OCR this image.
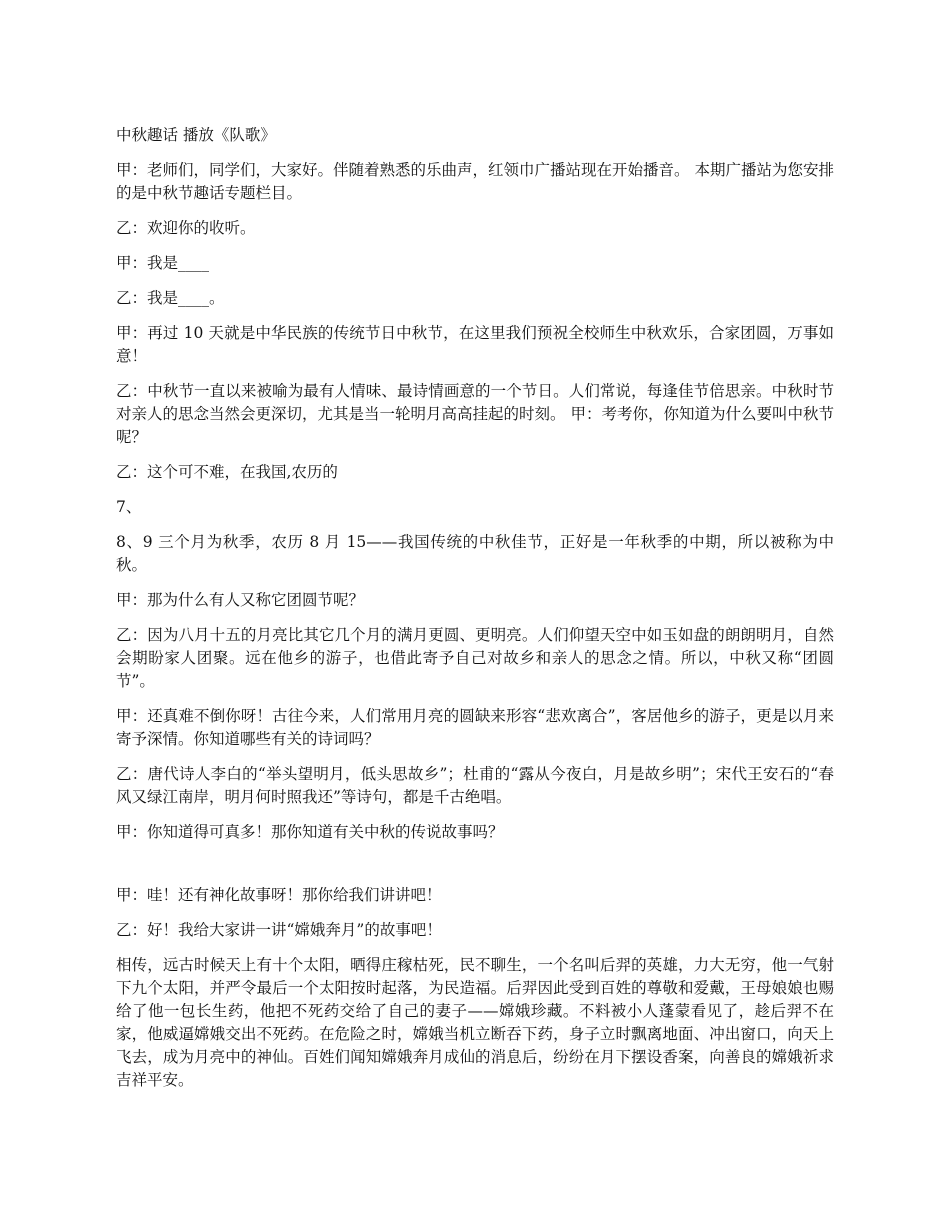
中秋趣话 播放《队歌》

甲：老师们，同学们，大家好。伴随着熟悉的乐曲声，红领巾广播站现在开始播音。 本期广播站为您安排的是中秋节趣话专题栏目。

乙：欢迎你的收听。

甲：我是____

乙：我是____。

甲：再过 10 天就是中华民族的传统节日中秋节，在这里我们预祝全校师生中秋欢乐，合家团圆，万事如意！

乙：中秋节一直以来被喻为最有人情味、最诗情画意的一个节日。人们常说，每逢佳节倍思亲。中秋时节对亲人的思念当然会更深切，尤其是当一轮明月高高挂起的时刻。 甲：考考你，你知道为什么要叫中秋节呢？

乙：这个可不难，在我国,农历的

7、

8、9 三个月为秋季，农历 8 月 15——我国传统的中秋佳节，正好是一年秋季的中期，所以被称为中秋。

甲：那为什么有人又称它团圆节呢？

乙：因为八月十五的月亮比其它几个月的满月更圆、更明亮。人们仰望天空中如玉如盘的朗朗明月，自然会期盼家人团聚。远在他乡的游子，也借此寄予自己对故乡和亲人的思念之情。所以，中秋又称“团圆节”。

甲：还真难不倒你呀！古往今来，人们常用月亮的圆缺来形容“悲欢离合”，客居他乡的游子，更是以月来寄予深情。你知道哪些有关的诗词吗？

乙：唐代诗人李白的“举头望明月，低头思故乡”；杜甫的“露从今夜白，月是故乡明”；宋代王安石的“春风又绿江南岸，明月何时照我还”等诗句，都是千古绝唱。

甲：你知道得可真多！那你知道有关中秋的传说故事吗？

甲：哇！还有神化故事呀！那你给我们讲讲吧！

乙：好！我给大家讲一讲“嫦娥奔月”的故事吧！

相传，远古时候天上有十个太阳，晒得庄稼枯死，民不聊生，一个名叫后羿的英雄，力大无穷，他一气射下九个太阳，并严令最后一个太阳按时起落，为民造福。后羿因此受到百姓的尊敬和爱戴，王母娘娘也赐给了他一包长生药，他把不死药交给了自己的妻子——嫦娥珍藏。不料被小人蓬蒙看见了，趁后羿不在家，他威逼嫦娥交出不死药。在危险之时，嫦娥当机立断吞下药，身子立时飘离地面、冲出窗口，向天上飞去，成为月亮中的神仙。百姓们闻知嫦娥奔月成仙的消息后，纷纷在月下摆设香案，向善良的嫦娥祈求吉祥平安。
